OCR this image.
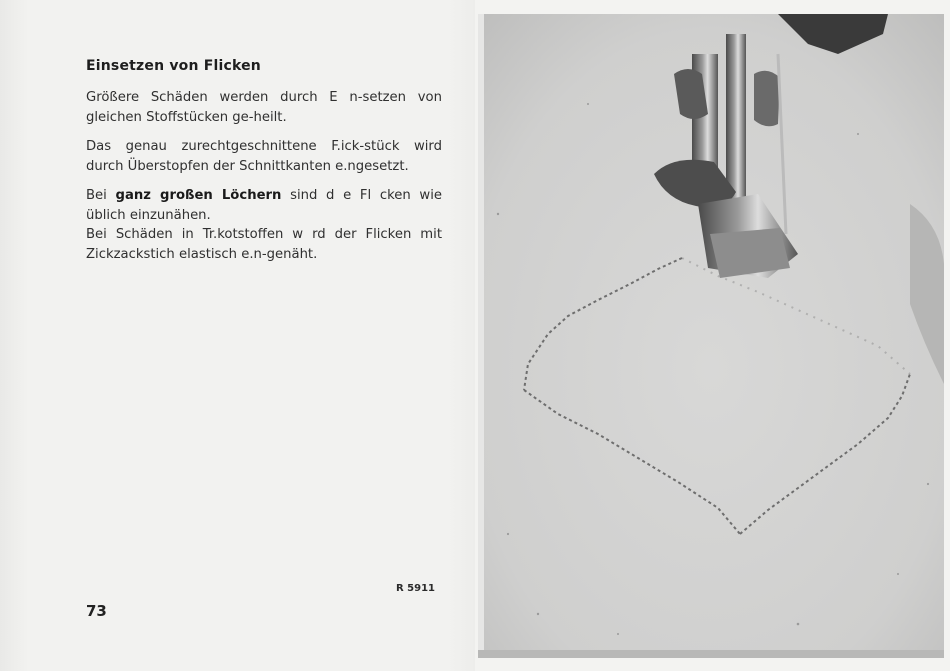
Einsetzen von Flicken

Größere Schäden werden durch E n-setzen von gleichen Stoffstücken ge-heilt.

Das genau zurechtgeschnittene F.ick-stück wird durch Überstopfen der Schnittkanten e.ngesetzt.

Bei ganz großen Löchern sind d e Fl cken wie üblich einzunähen.

Bei Schäden in Tr.kotstoffen w rd der Flicken mit Zickzackstich elastisch e.n-genäht.

R 5911
73
